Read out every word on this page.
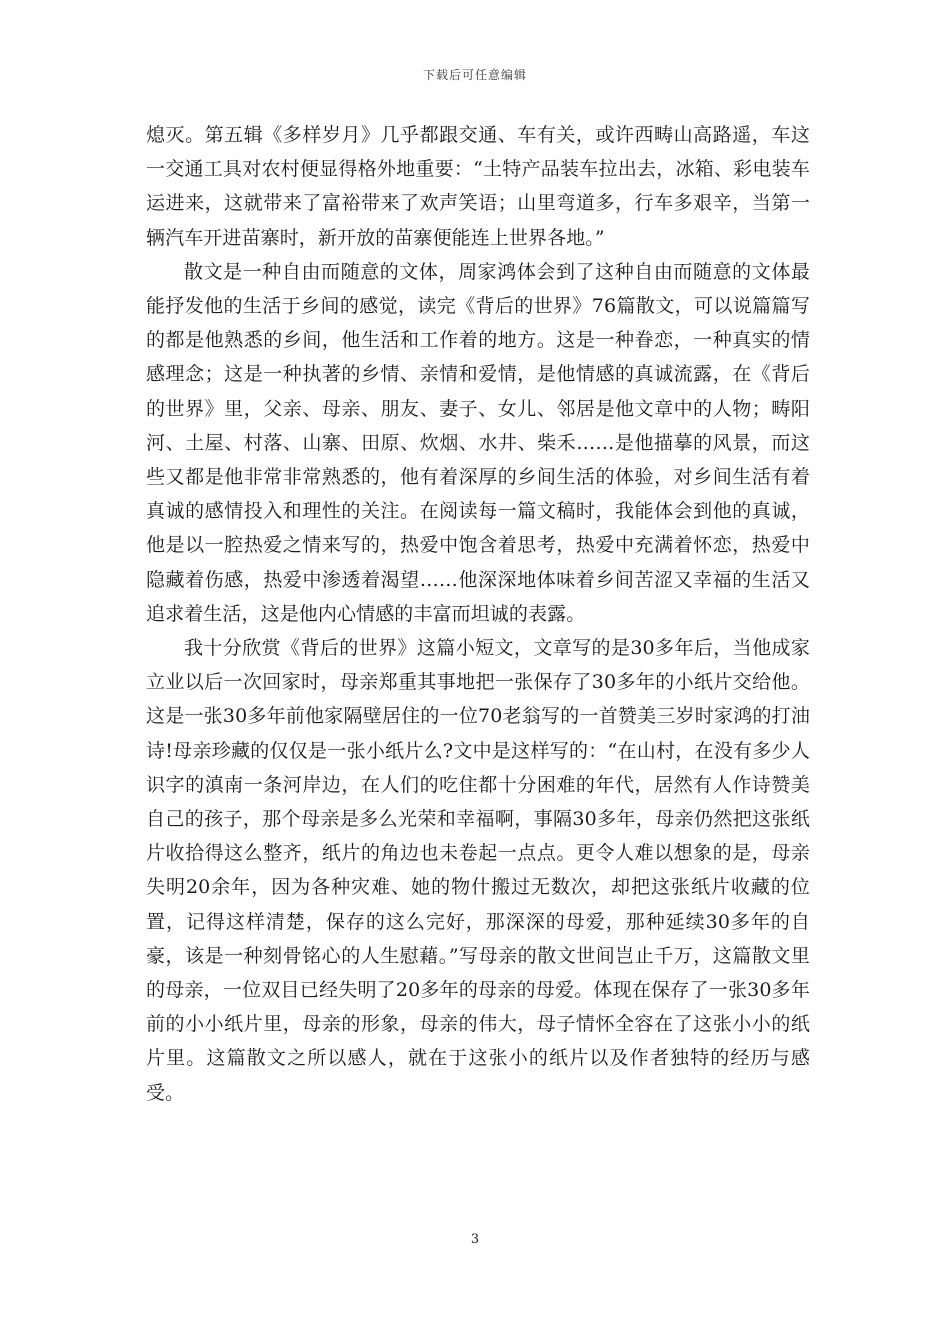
下载后可任意编辑

熄灭。第五辑《多样岁月》几乎都跟交通、车有关，或许西畴山高路遥，车这一交通工具对农村便显得格外地重要：“土特产品装车拉出去，冰箱、彩电装车运进来，这就带来了富裕带来了欢声笑语；山里弯道多，行车多艰辛，当第一辆汽车开进苗寨时，新开放的苗寨便能连上世界各地。”

散文是一种自由而随意的文体，周家鸿体会到了这种自由而随意的文体最能抒发他的生活于乡间的感觉，读完《背后的世界》76篇散文，可以说篇篇写的都是他熟悉的乡间，他生活和工作着的地方。这是一种眷恋，一种真实的情感理念；这是一种执著的乡情、亲情和爱情，是他情感的真诚流露，在《背后的世界》里，父亲、母亲、朋友、妻子、女儿、邻居是他文章中的人物；畴阳河、土屋、村落、山寨、田原、炊烟、水井、柴禾……是他描摹的风景，而这些又都是他非常非常熟悉的，他有着深厚的乡间生活的体验，对乡间生活有着真诚的感情投入和理性的关注。在阅读每一篇文稿时，我能体会到他的真诚，他是以一腔热爱之情来写的，热爱中饱含着思考，热爱中充满着怀恋，热爱中隐藏着伤感，热爱中渗透着渴望……他深深地体味着乡间苦涩又幸福的生活又追求着生活，这是他内心情感的丰富而坦诚的表露。

我十分欣赏《背后的世界》这篇小短文，文章写的是30多年后，当他成家立业以后一次回家时，母亲郑重其事地把一张保存了30多年的小纸片交给他。这是一张30多年前他家隔壁居住的一位70老翁写的一首赞美三岁时家鸿的打油诗!母亲珍藏的仅仅是一张小纸片么?文中是这样写的：“在山村，在没有多少人识字的滇南一条河岸边，在人们的吃住都十分困难的年代，居然有人作诗赞美自己的孩子，那个母亲是多么光荣和幸福啊，事隔30多年，母亲仍然把这张纸片收拾得这么整齐，纸片的角边也未卷起一点点。更令人难以想象的是，母亲失明20余年，因为各种灾难、她的物什搬过无数次，却把这张纸片收藏的位置，记得这样清楚，保存的这么完好，那深深的母爱，那种延续30多年的自豪，该是一种刻骨铭心的人生慰藉。”写母亲的散文世间岂止千万，这篇散文里的母亲，一位双目已经失明了20多年的母亲的母爱。体现在保存了一张30多年前的小小纸片里，母亲的形象，母亲的伟大，母子情怀全容在了这张小小的纸片里。这篇散文之所以感人，就在于这张小的纸片以及作者独特的经历与感受。

3
